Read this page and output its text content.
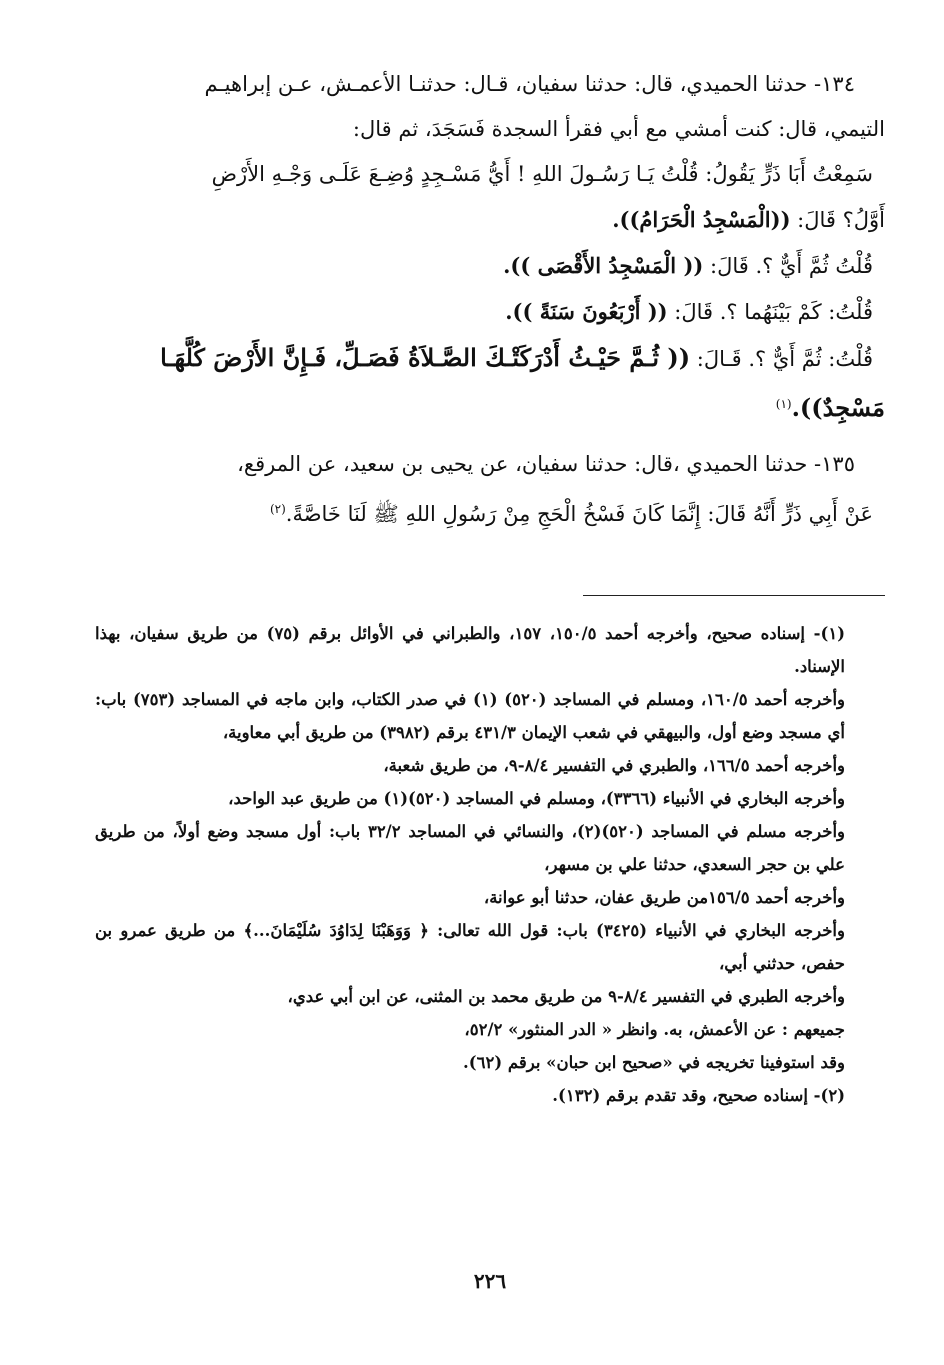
١٣٤- حدثنا الحميدي، قال: حدثنا سفيان، قـال: حدثنـا الأعمـش، عـن إبراهيـم

التيمي، قال: كنت أمشي مع أبي فقرأ السجدة فَسَجَدَ، ثم قال:

سَمِعْتُ أَبَا ذَرٍّ يَقُولُ: قُلْتُ يَـا رَسُـولَ اللهِ ! أَيُّ مَسْـجِدٍ وُضِـعَ عَلَـى وَجْـهِ الأَرْضِ

أَوَّلُ؟ قَالَ: ((الْمَسْجِدُ الْحَرَامُ)).

قُلْتُ ثُمَّ أَيٌّ ؟. قَالَ: (( الْمَسْجِدُ الأَقْصَى )).

قُلْتُ: كَمْ بَيْنَهُما ؟. قَالَ: (( أَرْبَعُونَ سَنَةً )).

قُلْتُ: ثُمَّ أَيٌّ ؟. قَـالَ: (( ثُـمَّ حَيْـثُ أَدْرَكَتْـكَ الصَّـلاَةُ فَصَـلِّ، فَـإِنَّ الأَرْضَ كُلَّهَـا

مَسْجِدٌ)).$^{(١)}$

١٣٥- حدثنا الحميدي ،قال: حدثنا سفيان، عن يحيى بن سعيد، عن المرقع،

عَنْ أَبِي ذَرٍّ أَنَّهُ قَالَ: إِنَّمَا كَانَ فَسْخُ الْحَجِ مِنْ رَسُولِ اللهِ ﷺ لَنَا خَاصَّةً.$^{(٢)}$

(١)- إسناده صحيح، وأخرجه أحمد ١٥٠/٥، ١٥٧، والطبراني في الأوائل برقم (٧٥) من طريق سفيان، بهذا الإسناد.

وأخرجه أحمد ١٦٠/٥، ومسلم في المساجد (٥٢٠) (١) في صدر الكتاب، وابن ماجه في المساجد (٧٥٣) باب: أي مسجد وضع أول، والبيهقي في شعب الإيمان ٤٣١/٣ برقم (٣٩٨٢) من طريق أبي معاوية،

وأخرجه أحمد ١٦٦/٥، والطبري في التفسير ٨/٤-٩، من طريق شعبة،

وأخرجه البخاري في الأنبياء (٣٣٦٦)، ومسلم في المساجد (٥٢٠)(١) من طريق عبد الواحد،

وأخرجه مسلم في المساجد (٥٢٠)(٢)، والنسائي في المساجد ٣٢/٢ باب: أول مسجد وضع أولاً، من طريق علي بن حجر السعدي، حدثنا علي بن مسهر،

وأخرجه أحمد ١٥٦/٥من طريق عفان، حدثنا أبو عوانة،

وأخرجه البخاري في الأنبياء (٣٤٢٥) باب: قول الله تعالى: ﴿ وَوَهَبْنَا لِدَاوُدَ سُلَيْمَانَ...﴾ من طريق عمرو بن حفص، حدثني أبي،

وأخرجه الطبري في التفسير ٨/٤-٩ من طريق محمد بن المثنى، عن ابن أبي عدي،

جميعهم : عن الأعمش، به. وانظر « الدر المنثور» ٥٢/٢،

وقد استوفينا تخريجه في «صحيح ابن حبان» برقم (٦٢).

(٢)- إسناده صحيح، وقد تقدم برقم (١٣٢).

٢٢٦
